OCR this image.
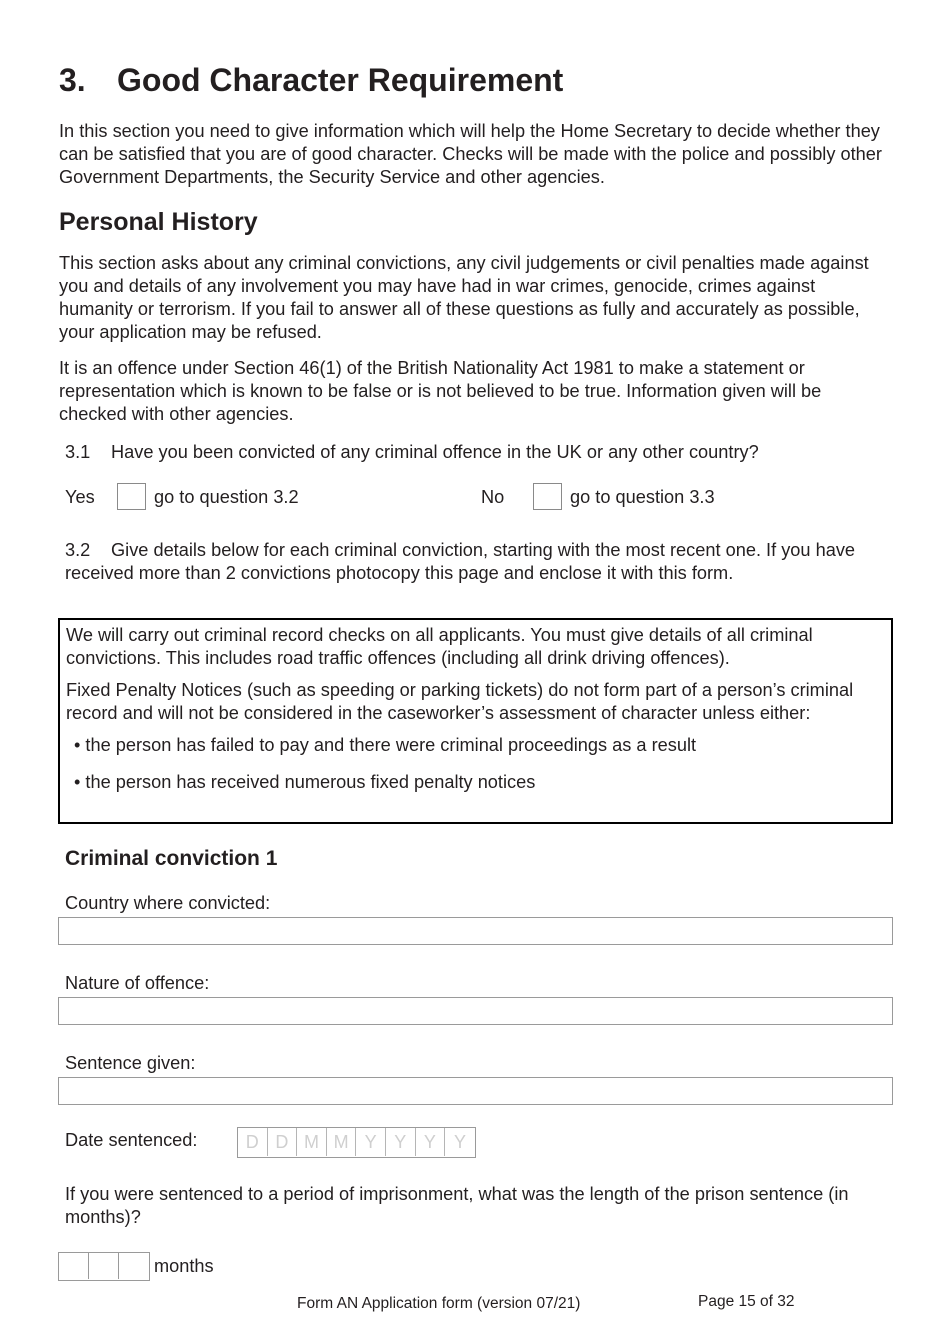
3. Good Character Requirement

In this section you need to give information which will help the Home Secretary to decide whether they can be satisfied that you are of good character. Checks will be made with the police and possibly other Government Departments, the Security Service and other agencies.

Personal History

This section asks about any criminal convictions, any civil judgements or civil penalties made against you and details of any involvement you may have had in war crimes, genocide, crimes against humanity or terrorism. If you fail to answer all of these questions as fully and accurately as possible, your application may be refused.

It is an offence under Section 46(1) of the British Nationality Act 1981 to make a statement or representation which is known to be false or is not believed to be true. Information given will be checked with other agencies.

3.1 Have you been convicted of any criminal offence in the UK or any other country?

Yes	go to question 3.2	No	go to question 3.3

3.2 Give details below for each criminal conviction, starting with the most recent one. If you have received more than 2 convictions photocopy this page and enclose it with this form.

We will carry out criminal record checks on all applicants. You must give details of all criminal convictions. This includes road traffic offences (including all drink driving offences).

Fixed Penalty Notices (such as speeding or parking tickets) do not form part of a person’s criminal record and will not be considered in the caseworker’s assessment of character unless either:

• the person has failed to pay and there were criminal proceedings as a result

• the person has received numerous fixed penalty notices

Criminal conviction 1
Country where convicted:
Nature of offence:
Sentence given:
Date sentenced:	D D M M Y Y Y	Y

If you were sentenced to a period of imprisonment, what was the length of the prison sentence (in months)?

months
Form AN Application form (version 07/21)	Page 15 of 32
